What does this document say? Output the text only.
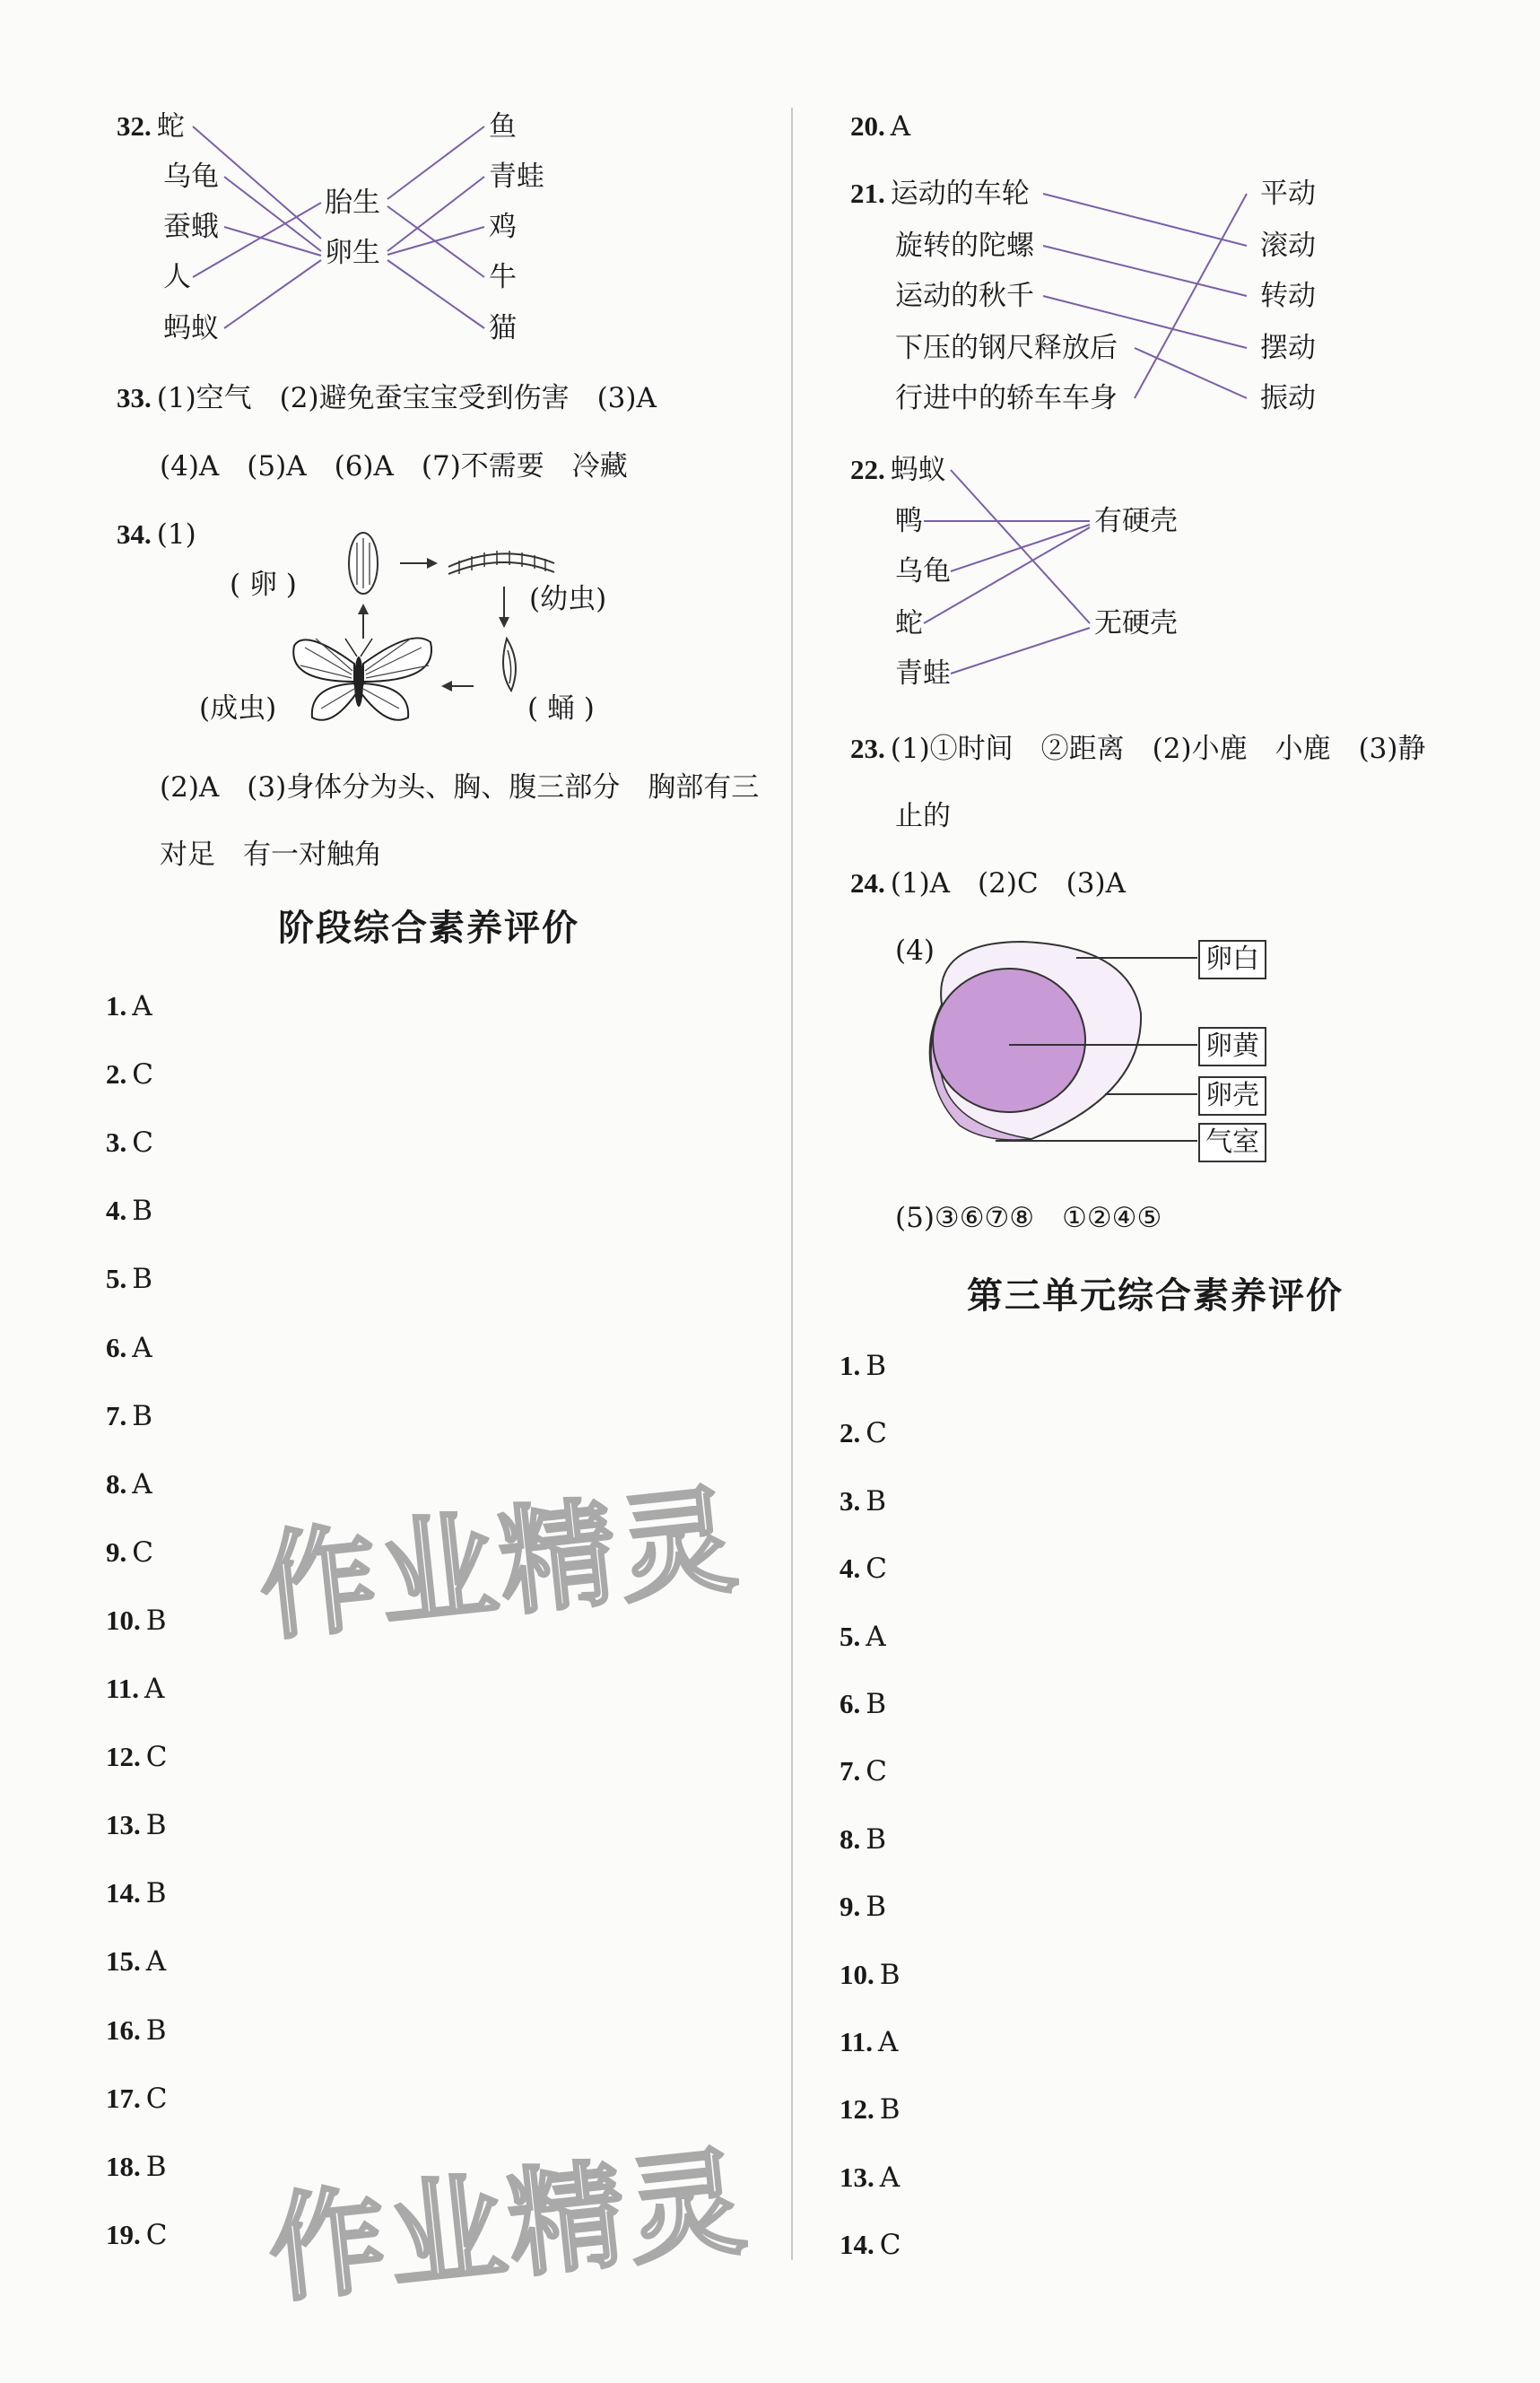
32. 蛇
乌龟
蚕蛾
人
蚂蚁
胎生
卵生
鱼
青蛙
鸡
牛
猫
33. (1)空气　(2)避免蚕宝宝受到伤害　(3)A
(4)A　(5)A　(6)A　(7)不需要　冷藏
34. (1)
( 卵 )	(幼虫)
( 蛹 )
(成虫)
(2)A　(3)身体分为头、胸、腹三部分　胸部有三
对足　有一对触角
阶段综合素养评价
1. A
2. C
3. C
4. B
5. B
6. A
7. B
8. A
9. C
10. B
11. A
12. C
13. B
14. B
15. A
16. B
17. C
18. B
19. C
20. A
21. 运动的车轮
旋转的陀螺
运动的秋千
下压的钢尺释放后
行进中的轿车车身
平动
滚动
转动
摆动
振动
22. 蚂蚁
鸭
乌龟
蛇
青蛙
有硬壳
无硬壳
23. (1)①时间　②距离　(2)小鹿　小鹿　(3)静
止的
24. (1)A　(2)C　(3)A
(4)	卵白
卵黄
卵壳
气室
(5)③⑥⑦⑧　①②④⑤
第三单元综合素养评价
1. B
2. C
3. B
4. C
5. A
6. B
7. C
8. B
9. B
10. B
11. A
12. B
13. A
14. C
作业精灵
作业精灵
